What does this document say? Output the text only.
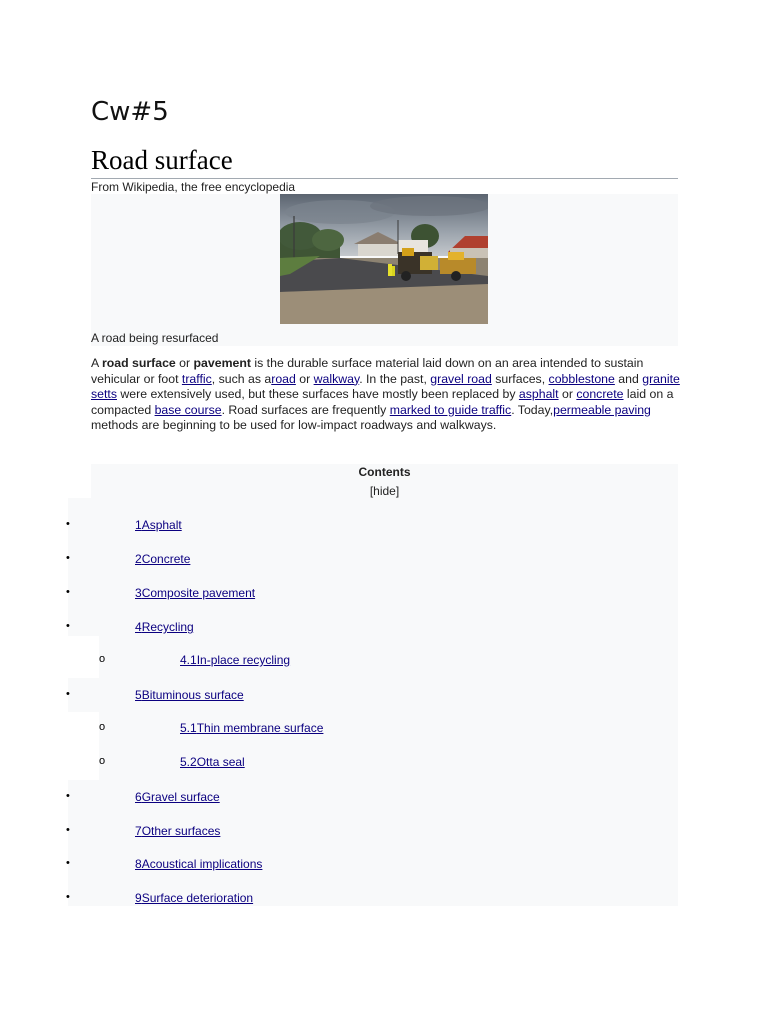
Cw#5
Road surface
From Wikipedia, the free encyclopedia
A road being resurfaced

A road surface or pavement is the durable surface material laid down on an area intended to sustain vehicular or foot traffic, such as aroad or walkway. In the past, gravel road surfaces, cobblestone and granite setts were extensively used, but these surfaces have mostly been replaced by asphalt or concrete laid on a compacted base course. Road surfaces are frequently marked to guide traffic. Today,permeable paving methods are beginning to be used for low-impact roadways and walkways.

Contents
[hide]
•	1Asphalt
•	2Concrete
•	3Composite pavement
•	4Recycling
o	4.1In-place recycling
•	5Bituminous surface
o	5.1Thin membrane surface
o	5.2Otta seal
•	6Gravel surface
•	7Other surfaces
•	8Acoustical implications
•	9Surface deterioration
